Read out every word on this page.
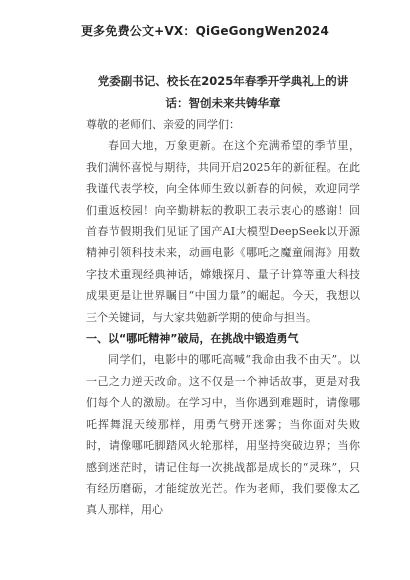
更多免费公文+VX：QiGeGongWen2024
党委副书记、校长在2025年春季开学典礼上的讲话：智创未来共铸华章

尊敬的老师们、亲爱的同学们：

春回大地，万象更新。在这个充满希望的季节里，我们满怀喜悦与期待，共同开启2025年的新征程。在此我谨代表学校，向全体师生致以新春的问候，欢迎同学们重返校园！向辛勤耕耘的教职工表示衷心的感谢！回首春节假期我们见证了国产AI大模型DeepSeek以开源精神引领科技未来，动画电影《哪吒之魔童闹海》用数字技术重现经典神话，嫦娥探月、量子计算等重大科技成果更是让世界瞩目“中国力量”的崛起。今天，我想以三个关键词，与大家共勉新学期的使命与担当。

一、以“哪吒精神”破局，在挑战中锻造勇气

同学们，电影中的哪吒高喊“我命由我不由天”。以一己之力逆天改命。这不仅是一个神话故事，更是对我们每个人的激励。在学习中，当你遇到难题时，请像哪吒挥舞混天绫那样，用勇气劈开迷雾；当你面对失败时，请像哪吒脚踏风火轮那样，用坚持突破边界；当你感到迷茫时，请记住每一次挑战都是成长的“灵珠”，只有经历磨砺，才能绽放光芒。作为老师，我们要像太乙真人那样，用心
